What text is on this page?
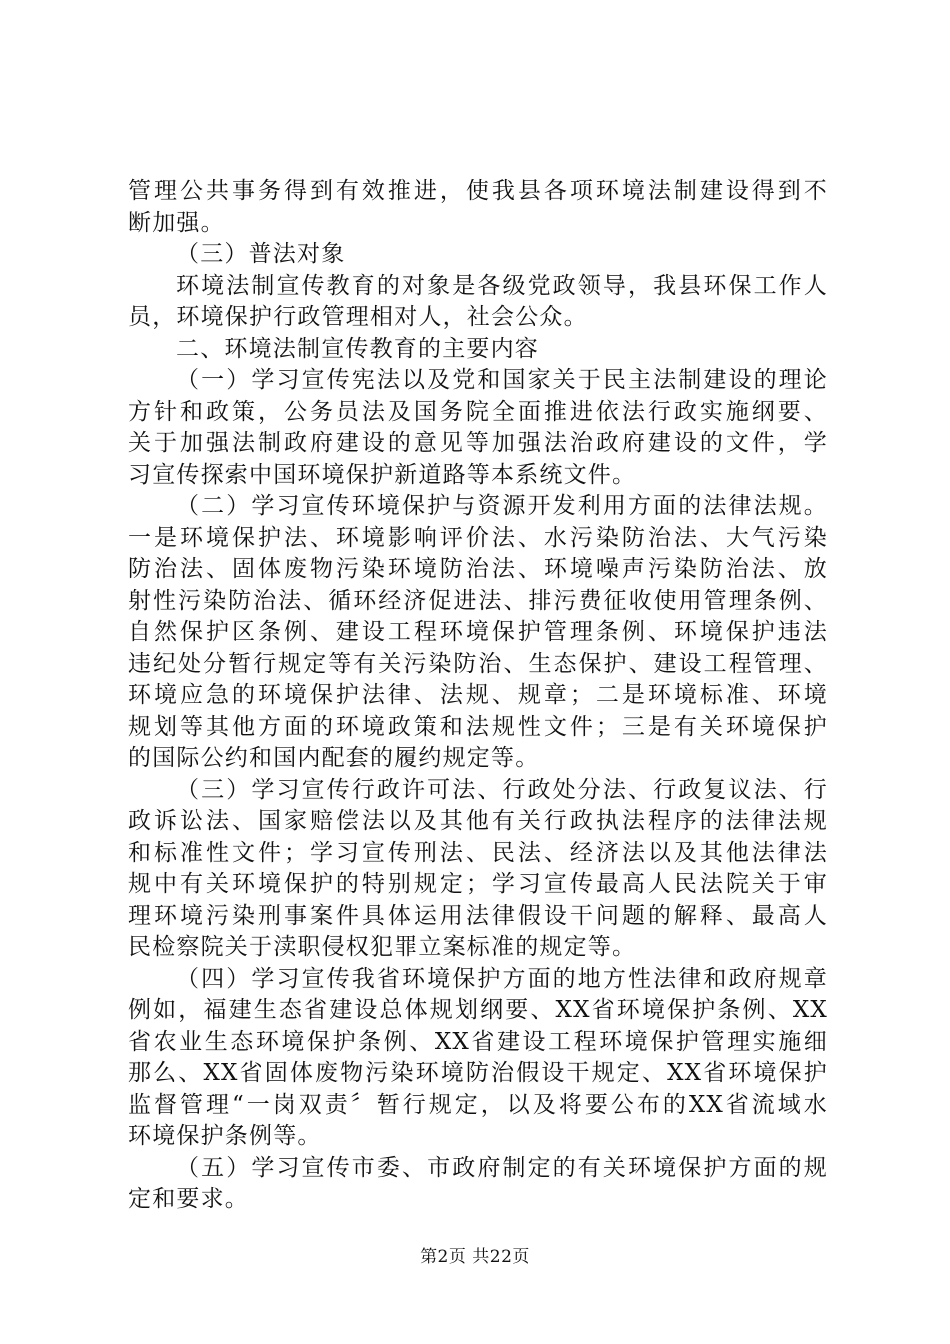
管理公共事务得到有效推进，使我县各项环境法制建设得到不
断加强。
（三）普法对象
环境法制宣传教育的对象是各级党政领导，我县环保工作人
员，环境保护行政管理相对人，社会公众。
二、环境法制宣传教育的主要内容
（一）学习宣传宪法以及党和国家关于民主法制建设的理论
方针和政策，公务员法及国务院全面推进依法行政实施纲要、
关于加强法制政府建设的意见等加强法治政府建设的文件，学
习宣传探索中国环境保护新道路等本系统文件。
（二）学习宣传环境保护与资源开发利用方面的法律法规。
一是环境保护法、环境影响评价法、水污染防治法、大气污染
防治法、固体废物污染环境防治法、环境噪声污染防治法、放
射性污染防治法、循环经济促进法、排污费征收使用管理条例、
自然保护区条例、建设工程环境保护管理条例、环境保护违法
违纪处分暂行规定等有关污染防治、生态保护、建设工程管理、
环境应急的环境保护法律、法规、规章；二是环境标准、环境
规划等其他方面的环境政策和法规性文件；三是有关环境保护
的国际公约和国内配套的履约规定等。
（三）学习宣传行政许可法、行政处分法、行政复议法、行
政诉讼法、国家赔偿法以及其他有关行政执法程序的法律法规
和标准性文件；学习宣传刑法、民法、经济法以及其他法律法
规中有关环境保护的特别规定；学习宣传最高人民法院关于审
理环境污染刑事案件具体运用法律假设干问题的解释、最高人
民检察院关于渎职侵权犯罪立案标准的规定等。
（四）学习宣传我省环境保护方面的地方性法律和政府规章
例如，福建生态省建设总体规划纲要、XX省环境保护条例、XX
省农业生态环境保护条例、XX省建设工程环境保护管理实施细
那么、XX省固体废物污染环境防治假设干规定、XX省环境保护
监督管理“一岗双责〞暂行规定，以及将要公布的XX省流域水
环境保护条例等。
（五）学习宣传市委、市政府制定的有关环境保护方面的规
定和要求。
第2页 共22页
